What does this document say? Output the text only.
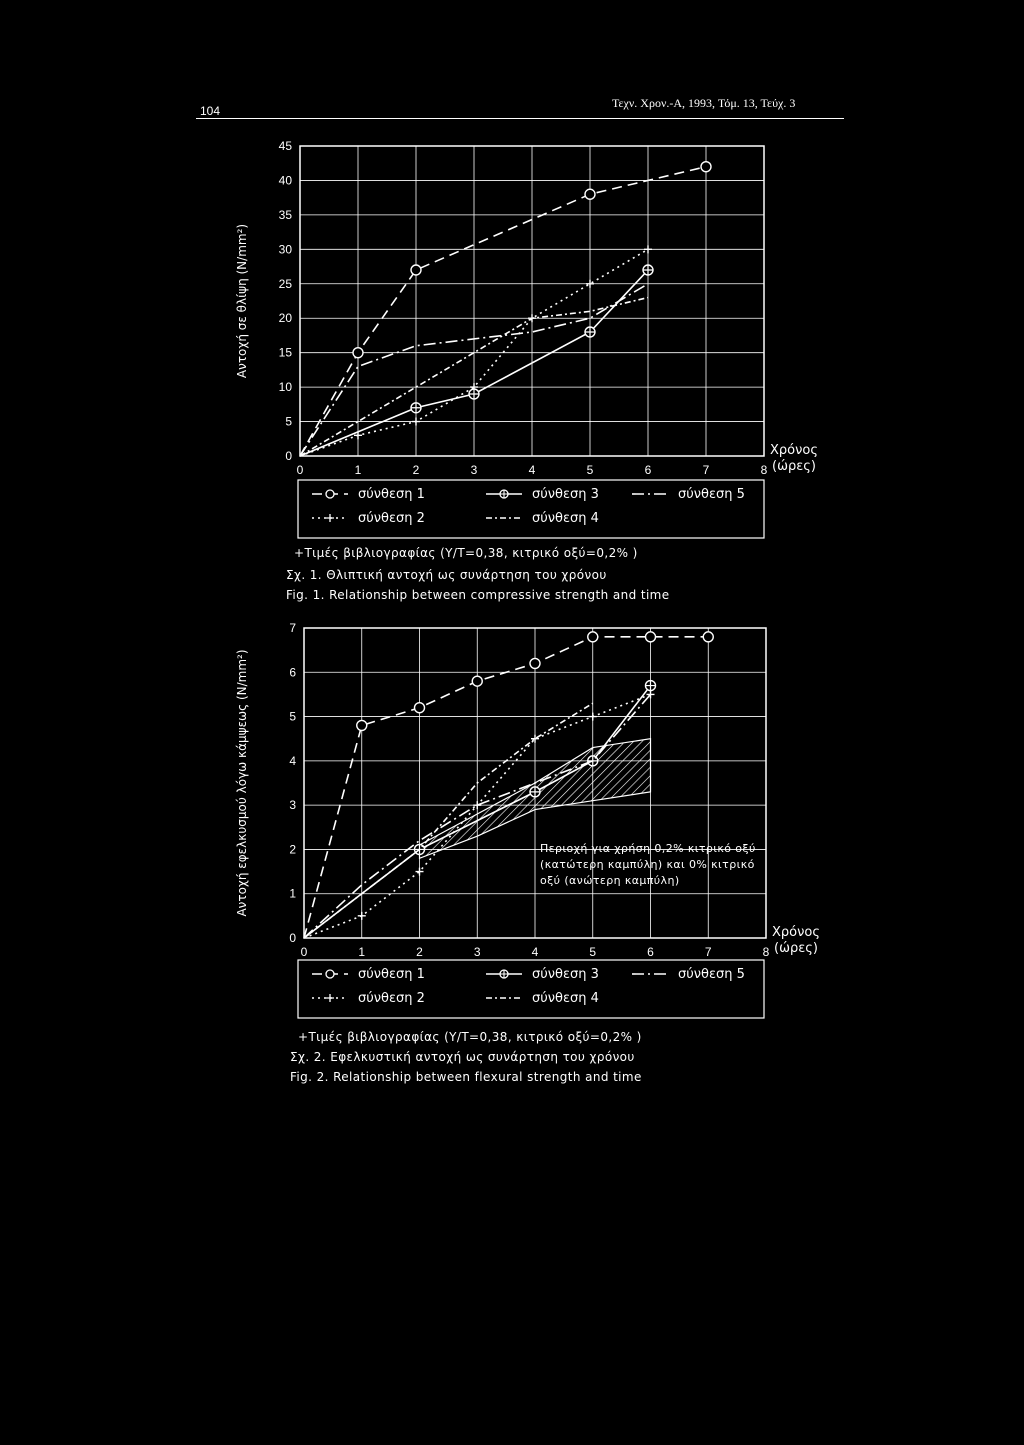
104
Τεχν. Χρον.-Α, 1993, Τόμ. 13, Τεύχ. 3
0	1	2	3	4	5	6	7	8
0
5
10
15
20
25
30
35
40
45
Χρόνος
(ώρες)
Αντοχή σε θλίψη (Ν/mm²)
σύνθεση 1
σύνθεση 2
σύνθεση 3
σύνθεση 4
σύνθεση 5
0	1	2	3	4	5	6	7	8
0
1
2
3
4
5
6
7
Χρόνος
(ώρες)
Αντοχή εφελκυσμού λόγω κάμψεως (Ν/mm²)
σύνθεση 1
σύνθεση 2
σύνθεση 3
σύνθεση 4
σύνθεση 5
+Τιμές βιβλιογραφίας (Υ/Τ=0,38, κιτρικό οξύ=0,2% )
Σχ. 1. Θλιπτική αντοχή ως συνάρτηση του χρόνου
Fig. 1. Relationship between compressive strength and time
Περιοχή για χρήση 0,2% κιτρικό οξύ
(κατώτερη καμπύλη) και 0% κιτρικό
οξύ (ανώτερη καμπύλη)
+Τιμές βιβλιογραφίας (Υ/Τ=0,38, κιτρικό οξύ=0,2% )
Σχ. 2. Εφελκυστική αντοχή ως συνάρτηση του χρόνου
Fig. 2. Relationship between flexural strength and time
